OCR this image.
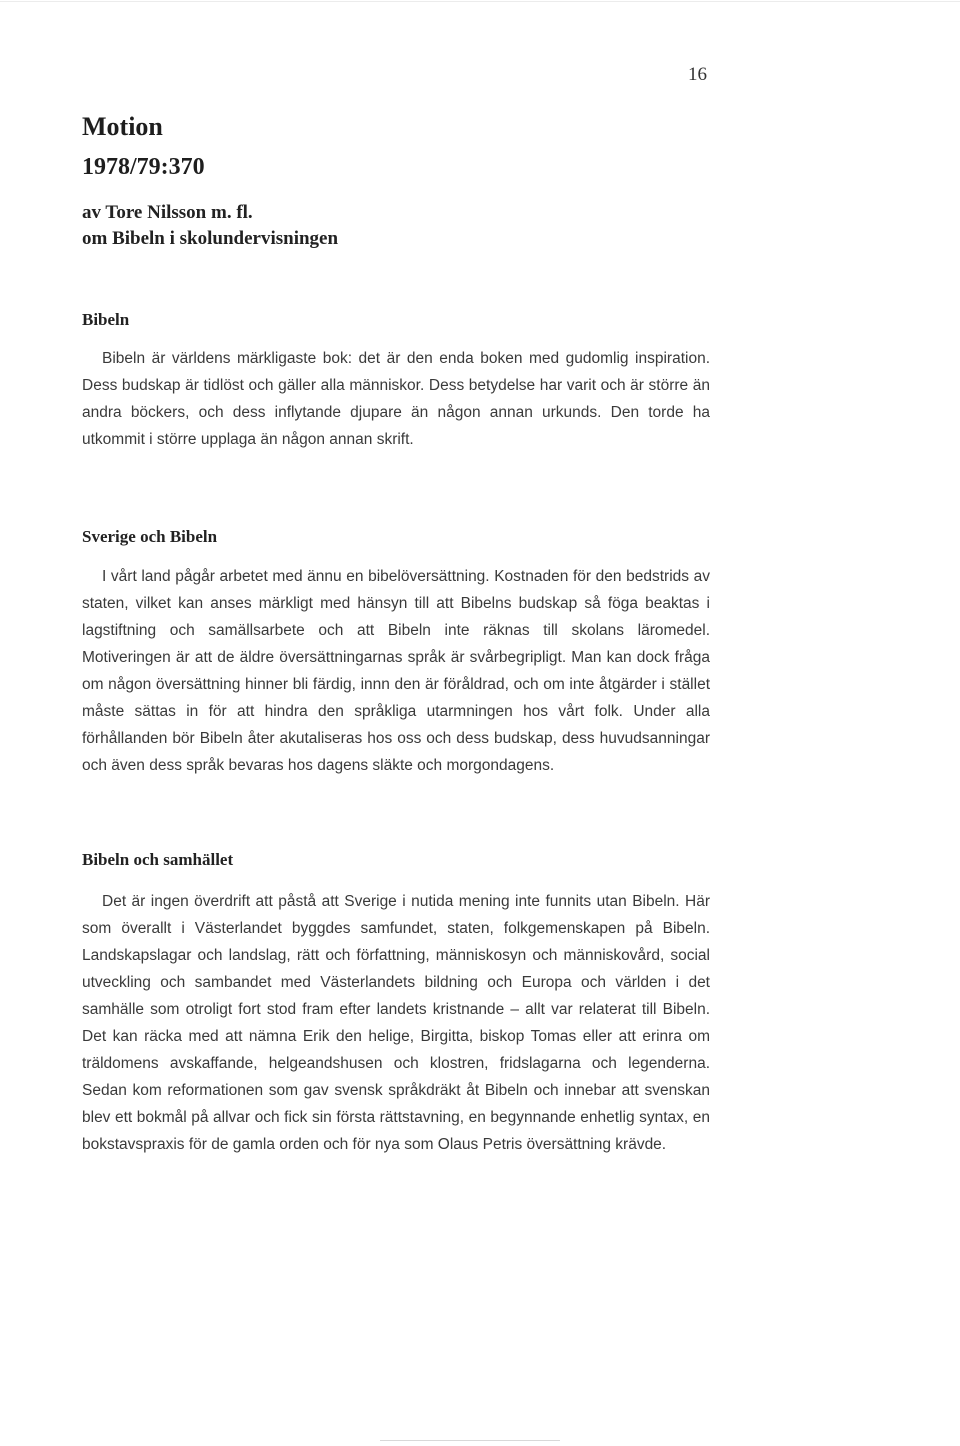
16
Motion
1978/79:370
av Tore Nilsson m. fl.
om Bibeln i skolundervisningen
Bibeln

Bibeln är världens märkligaste bok: det är den enda boken med gudomlig inspiration. Dess budskap är tidlöst och gäller alla människor. Dess betydelse har varit och är större än andra böckers, och dess inflytande djupare än någon annan urkunds. Den torde ha utkommit i större upplaga än någon annan skrift.

Sverige och Bibeln

I vårt land pågår arbetet med ännu en bibelöversättning. Kostnaden för den bedstrids av staten, vilket kan anses märkligt med hänsyn till att Bibelns budskap så föga beaktas i lagstiftning och samällsarbete och att Bibeln inte räknas till skolans läromedel. Motiveringen är att de äldre översättningarnas språk är svårbegripligt. Man kan dock fråga om någon översättning hinner bli färdig, innn den är föråldrad, och om inte åtgärder i stället måste sättas in för att hindra den språkliga utarmningen hos vårt folk. Under alla förhållanden bör Bibeln åter akutaliseras hos oss och dess budskap, dess huvudsanningar och även dess språk bevaras hos dagens släkte och morgondagens.

Bibeln och samhället

Det är ingen överdrift att påstå att Sverige i nutida mening inte funnits utan Bibeln. Här som överallt i Västerlandet byggdes samfundet, staten, folkgemenskapen på Bibeln. Landskapslagar och landslag, rätt och författning, människosyn och människovård, social utveckling och sambandet med Västerlandets bildning och Europa och världen i det samhälle som otroligt fort stod fram efter landets kristnande – allt var relaterat till Bibeln. Det kan räcka med att nämna Erik den helige, Birgitta, biskop Tomas eller att erinra om träldomens avskaffande, helgeandshusen och klostren, fridslagarna och legenderna. Sedan kom reformationen som gav svensk språkdräkt åt Bibeln och innebar att svenskan blev ett bokmål på allvar och fick sin första rättstavning, en begynnande enhetlig syntax, en bokstavspraxis för de gamla orden och för nya som Olaus Petris översättning krävde.
